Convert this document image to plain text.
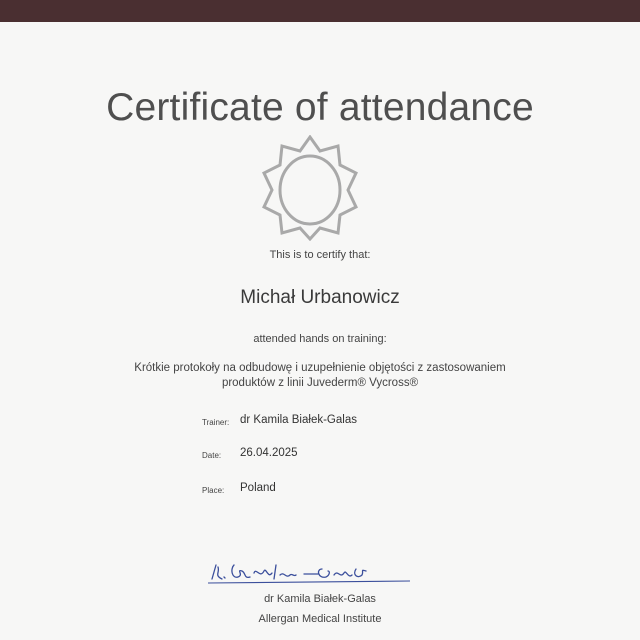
Certificate of attendance
This is to certify that:
Michał Urbanowicz
attended hands on training:
Krótkie protokoły na odbudowę i uzupełnienie objętości z zastosowaniem
produktów z linii Juvederm® Vycross®
Trainer: dr Kamila Białek-Galas
Date: 26.04.2025
Place: Poland
dr Kamila Białek-Galas
Allergan Medical Institute
